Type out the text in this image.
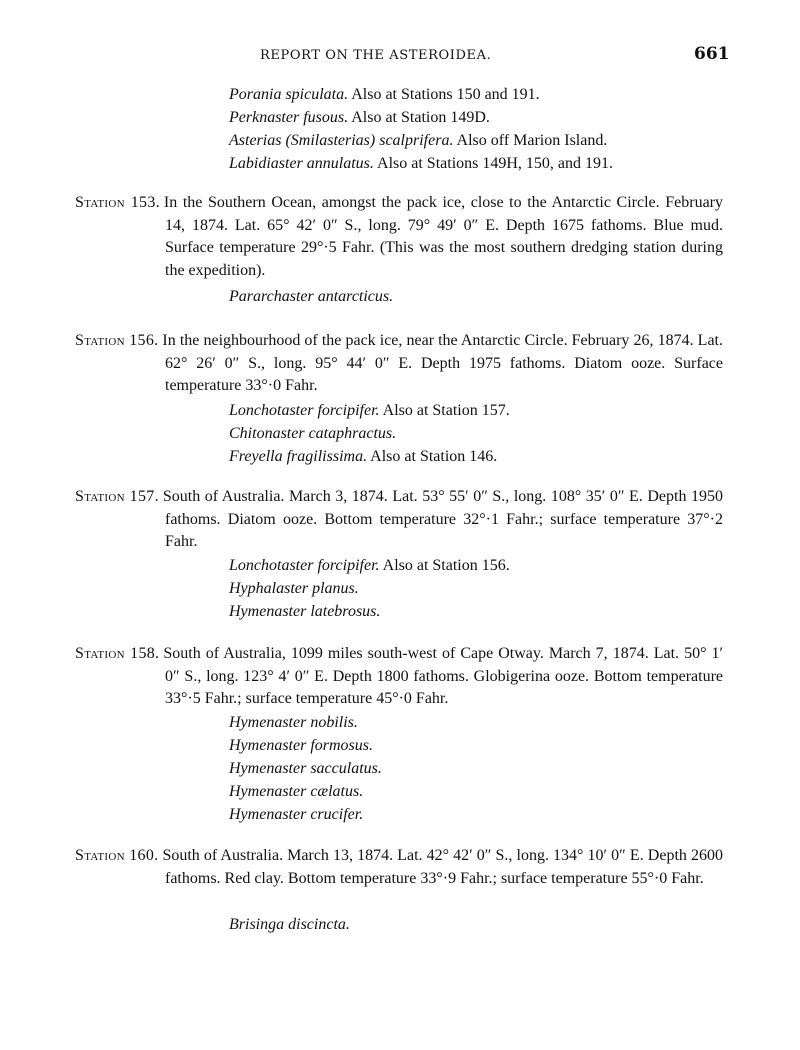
REPORT ON THE ASTEROIDEA.	661
Porania spiculata. Also at Stations 150 and 191.
Perknaster fusous. Also at Station 149D.
Asterias (Smilasterias) scalprifera. Also off Marion Island.
Labidiaster annulatus. Also at Stations 149H, 150, and 191.
Station 153. In the Southern Ocean, amongst the pack ice, close to the Antarctic Circle. February 14, 1874. Lat. 65° 42′ 0″ S., long. 79° 49′ 0″ E. Depth 1675 fathoms. Blue mud. Surface temperature 29°·5 Fahr. (This was the most southern dredging station during the expedition).
Pararchaster antarcticus.
Station 156. In the neighbourhood of the pack ice, near the Antarctic Circle. February 26, 1874. Lat. 62° 26′ 0″ S., long. 95° 44′ 0″ E. Depth 1975 fathoms. Diatom ooze. Surface temperature 33°·0 Fahr.
Lonchotaster forcipifer. Also at Station 157.
Chitonaster cataphractus.
Freyella fragilissima. Also at Station 146.
Station 157. South of Australia. March 3, 1874. Lat. 53° 55′ 0″ S., long. 108° 35′ 0″ E. Depth 1950 fathoms. Diatom ooze. Bottom temperature 32°·1 Fahr.; surface temperature 37°·2 Fahr.
Lonchotaster forcipifer. Also at Station 156.
Hyphalaster planus.
Hymenaster latebrosus.
Station 158. South of Australia, 1099 miles south-west of Cape Otway. March 7, 1874. Lat. 50° 1′ 0″ S., long. 123° 4′ 0″ E. Depth 1800 fathoms. Globigerina ooze. Bottom temperature 33°·5 Fahr.; surface temperature 45°·0 Fahr.
Hymenaster nobilis.
Hymenaster formosus.
Hymenaster sacculatus.
Hymenaster cælatus.
Hymenaster crucifer.
Station 160. South of Australia. March 13, 1874. Lat. 42° 42′ 0″ S., long. 134° 10′ 0″ E. Depth 2600 fathoms. Red clay. Bottom temperature 33°·9 Fahr.; surface temperature 55°·0 Fahr.
Brisinga discincta.
